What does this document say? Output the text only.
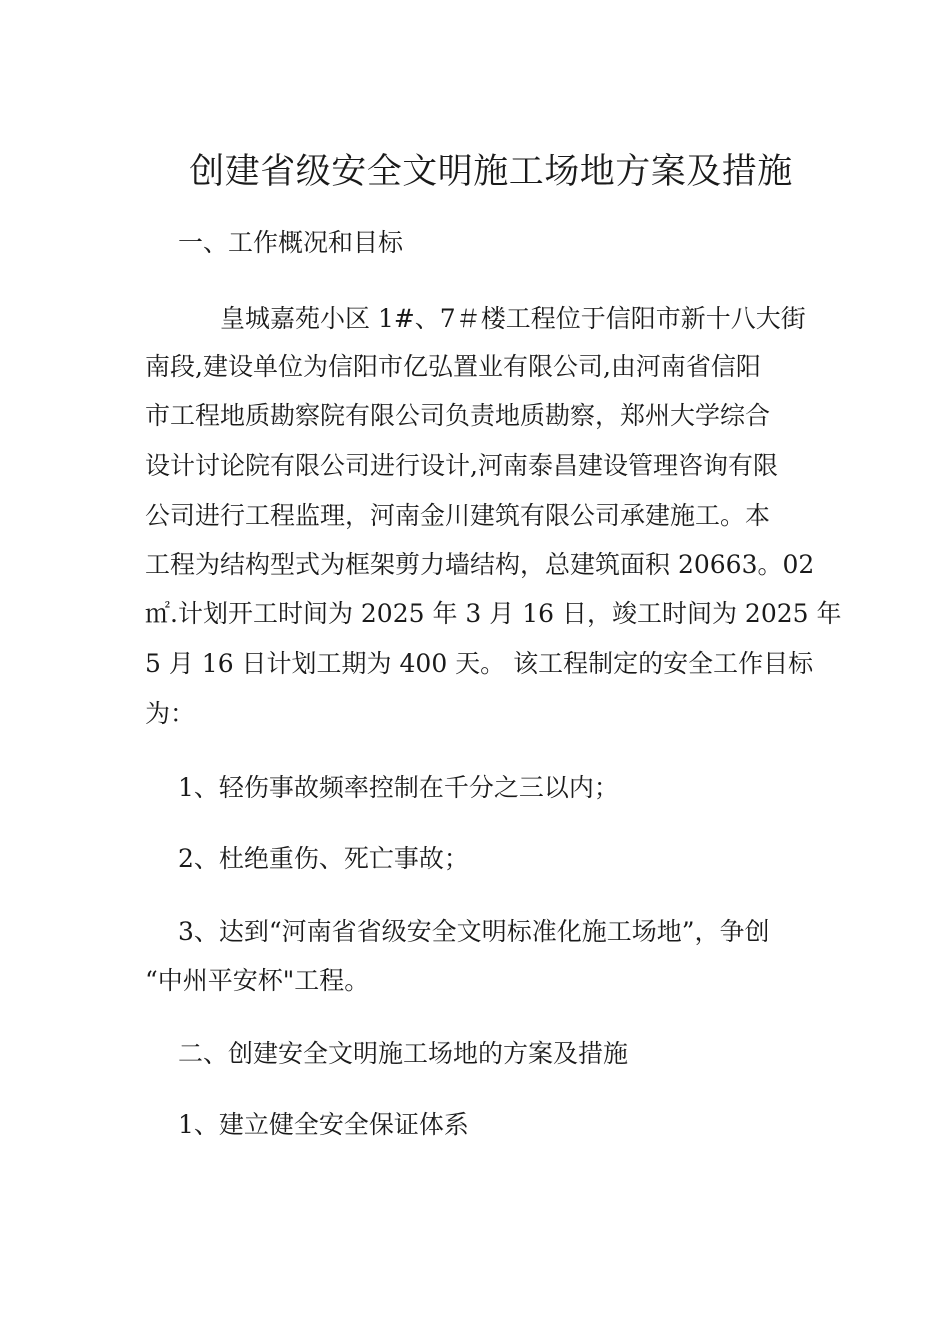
创建省级安全文明施工场地方案及措施
一、工作概况和目标
皇城嘉苑小区 1#、7＃楼工程位于信阳市新十八大街
南段,建设单位为信阳市亿弘置业有限公司,由河南省信阳
市工程地质勘察院有限公司负责地质勘察，郑州大学综合
设计讨论院有限公司进行设计,河南泰昌建设管理咨询有限
公司进行工程监理，河南金川建筑有限公司承建施工。本
工程为结构型式为框架剪力墙结构，总建筑面积 20663。02
㎡.计划开工时间为 2025 年 3 月 16 日，竣工时间为 2025 年
5 月 16 日计划工期为 400 天。 该工程制定的安全工作目标
为：
1、轻伤事故频率控制在千分之三以内；
2、杜绝重伤、死亡事故；
3、达到“河南省省级安全文明标准化施工场地”，争创
“中州平安杯"工程。
二、创建安全文明施工场地的方案及措施
1、建立健全安全保证体系
